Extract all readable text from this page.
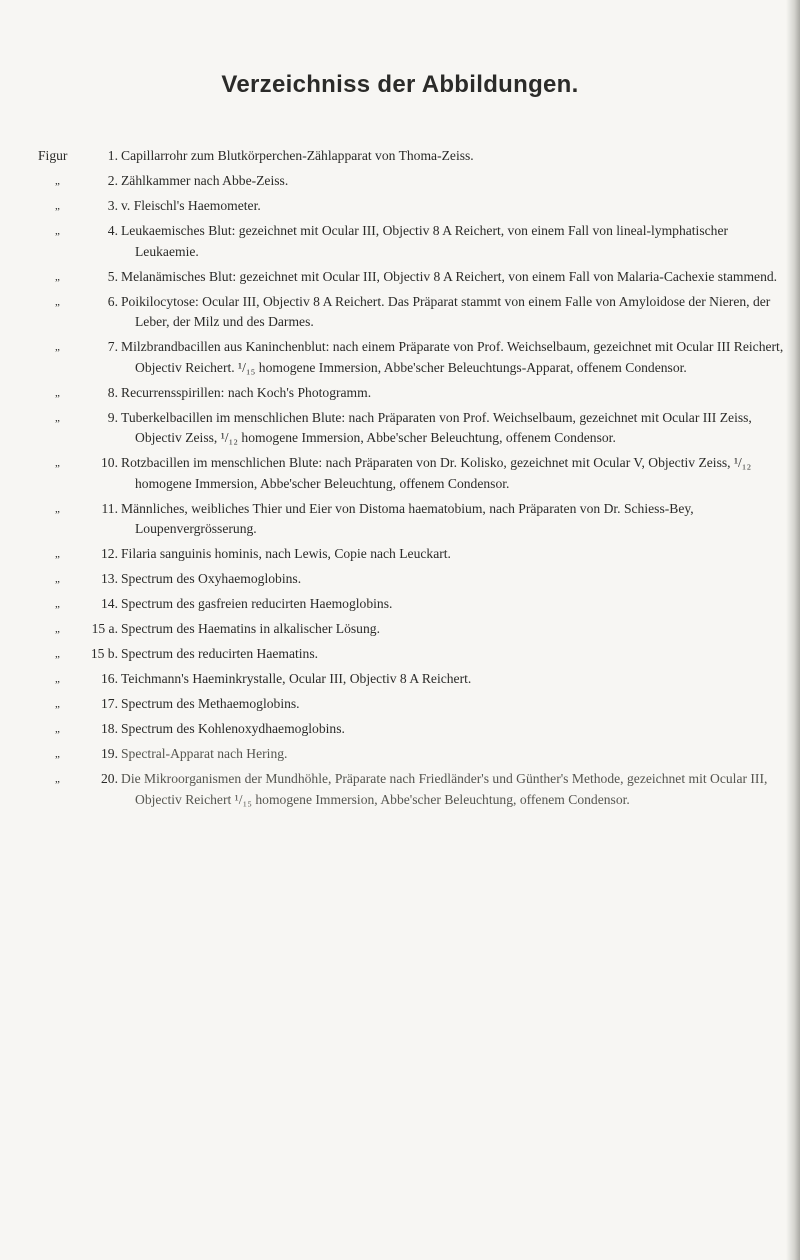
Verzeichniss der Abbildungen.
Figur	1. Capillarrohr zum Blutkörperchen-Zählapparat von Thoma-Zeiss.
„	2. Zählkammer nach Abbe-Zeiss.
„	3. v. Fleischl's Haemometer.
„	4. Leukaemisches Blut: gezeichnet mit Ocular III, Objectiv 8 A Reichert, von einem Fall von lineal-lymphatischer Leukaemie.
„	5. Melanämisches Blut: gezeichnet mit Ocular III, Objectiv 8 A Reichert, von einem Fall von Malaria-Cachexie stammend.
„	6. Poikilocytose: Ocular III, Objectiv 8 A Reichert. Das Präparat stammt von einem Falle von Amyloidose der Nieren, der Leber, der Milz und des Darmes.
„	7. Milzbrandbacillen aus Kaninchenblut: nach einem Präparate von Prof. Weichselbaum, gezeichnet mit Ocular III Reichert, Objectiv Reichert. ¹/₁₅ homogene Immersion, Abbe'scher Beleuchtungs-Apparat, offenem Condensor.
„	8. Recurrensspirillen: nach Koch's Photogramm.
„	9. Tuberkelbacillen im menschlichen Blute: nach Präparaten von Prof. Weichselbaum, gezeichnet mit Ocular III Zeiss, Objectiv Zeiss, ¹/₁₂ homogene Immersion, Abbe'scher Beleuchtung, offenem Condensor.
„	10. Rotzbacillen im menschlichen Blute: nach Präparaten von Dr. Kolisko, gezeichnet mit Ocular V, Objectiv Zeiss, ¹/₁₂ homogene Immersion, Abbe'scher Beleuchtung, offenem Condensor.
„	11. Männliches, weibliches Thier und Eier von Distoma haematobium, nach Präparaten von Dr. Schiess-Bey, Loupenvergrösserung.
„	12. Filaria sanguinis hominis, nach Lewis, Copie nach Leuckart.
„	13. Spectrum des Oxyhaemoglobins.
„	14. Spectrum des gasfreien reducirten Haemoglobins.
„ 15 a. Spectrum des Haematins in alkalischer Lösung.
„ 15 b. Spectrum des reducirten Haematins.
„	16. Teichmann's Haeminkrystalle, Ocular III, Objectiv 8 A Reichert.
„	17. Spectrum des Methaemoglobins.
„	18. Spectrum des Kohlenoxydhaemoglobins.
„	19. Spectral-Apparat nach Hering.
„	20. Die Mikroorganismen der Mundhöhle, Präparate nach Friedländer's und Günther's Methode, gezeichnet mit Ocular III, Objectiv Reichert ¹/₁₅ homogene Immersion, Abbe'scher Beleuchtung, offenem Condensor.
